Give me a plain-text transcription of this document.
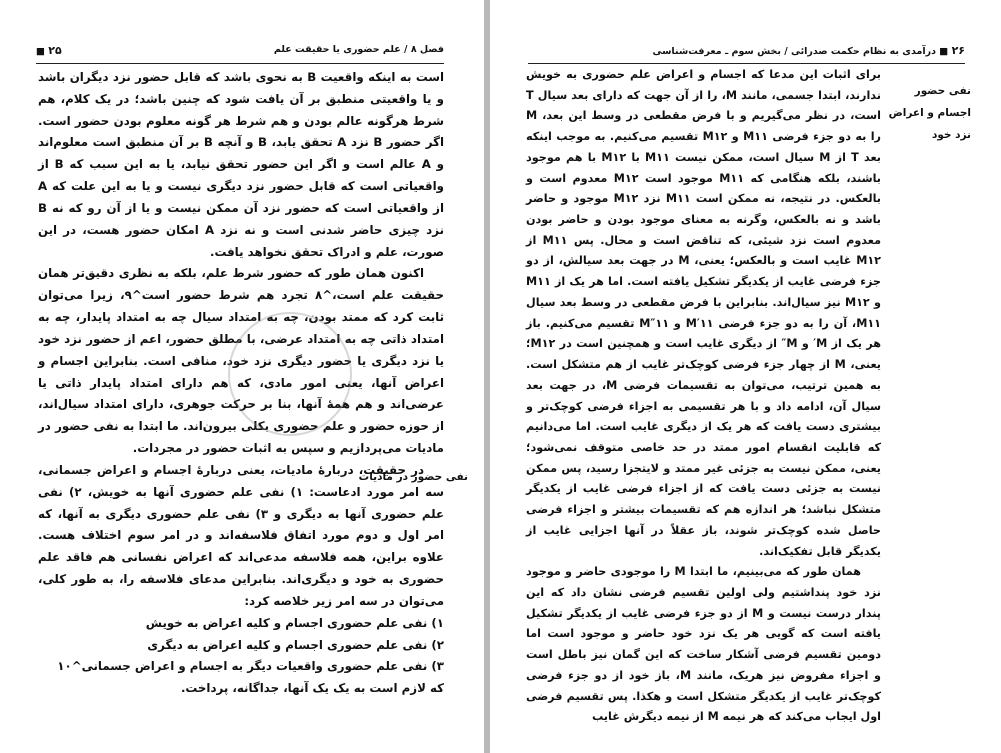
۲۵ ■	فصل ۸ / علم حضوری یا حقیقت علم

است به اینکه واقعیت B به نحوی باشد که قابل حضور نزد دیگران باشد و یا واقعیتی منطبق بر آن یافت شود که چنین باشد؛ در یک کلام، هم شرط هرگونه عالم بودن و هم شرط هر گونه معلوم بودن حضور است. اگر حضور B نزد A تحقق یابد، B و آنچه B بر آن منطبق است معلوم‌اند و A عالم است و اگر این حضور تحقق نیابد، یا به این سبب که B از واقعیاتی است که قابل حضور نزد دیگری نیست و یا به این علت که A از واقعیاتی است که حضور نزد آن ممکن نیست و یا از آن رو که نه B نزد چیزی حاضر شدنی است و نه نزد A امکان حضور هست، در این صورت، علم و ادراک تحقق نخواهد یافت.

اکنون همان طور که حضور شرط علم، بلکه به نظری دقیق‌تر همان حقیقت علم است،^۸ تجرد هم شرط حضور است^۹، زیرا می‌توان ثابت کرد که ممتد بودن، چه به امتداد سیال چه به امتداد پایدار، چه به امتداد ذاتی چه به امتداد عرضی، با مطلق حضور، اعم از حضور نزد خود یا نزد دیگری یا حضور دیگری نزد خود، منافی است. بنابراین اجسام و اعراض آنها، یعنی امور مادی، که هم دارای امتداد پایدار ذاتی یا عرضی‌اند و هم همهٔ آنها، بنا بر حرکت جوهری، دارای امتداد سیال‌اند، از حوزه حضور و علم حضوری بکلی بیرون‌اند. ما ابتدا به نفی حضور در مادیات می‌پردازیم و سپس به اثبات حضور در مجردات.

در حقیقت، دربارهٔ مادیات، یعنی دربارهٔ اجسام و اعراض جسمانی، سه امر مورد ادعاست: ۱) نفی علم حضوری آنها به خویش، ۲) نفی علم حضوری آنها به دیگری و ۳) نفی علم حضوری دیگری به آنها، که امر اول و دوم مورد اتفاق فلاسفه‌اند و در امر سوم اختلاف هست. علاوه براین، همه فلاسفه مدعی‌اند که اعراض نفسانی هم فاقد علم حضوری به خود و دیگری‌اند. بنابراین مدعای فلاسفه را، به طور کلی، می‌توان در سه امر زیر خلاصه کرد:

۱) نفی علم حضوری اجسام و کلیه اعراض به خویش

۲) نفی علم حضوری اجسام و کلیه اعراض به دیگری

۳) نفی علم حضوری واقعیات دیگر به اجسام و اعراض جسمانی^۱۰

که لازم است به یک یک آنها، جداگانه، پرداخت.

۲۶ ■ درآمدی به نظام حکمت صدرائی / بخش سوم ـ معرفت‌شناسی
نفی حضور اجسام و اعراض نزد خود

برای اثبات این مدعا که اجسام و اعراض علم حضوری به خویش ندارند، ابتدا جسمی، مانند M، را از آن جهت که دارای بعد سیال T است، در نظر می‌گیریم و با فرض مقطعی در وسط این بعد، M را به دو جزء فرضی M۱۱ و M۱۲ تقسیم می‌کنیم. به موجب اینکه بعد T از M سیال است، ممکن نیست M۱۱ با M۱۲ با هم موجود باشند، بلکه هنگامی که M۱۱ موجود است M۱۲ معدوم است و بالعکس. در نتیجه، نه ممکن است M۱۱ نزد M۱۲ موجود و حاضر باشد و نه بالعکس، وگرنه به معنای موجود بودن و حاضر بودن معدوم است نزد شیئی، که تناقض است و محال. پس M۱۱ از M۱۲ غایب است و بالعکس؛ یعنی، M در جهت بعد سیالش، از دو جزء فرضی غایب از یکدیگر تشکیل یافته است. اما هر یک از M۱۱ و M۱۲ نیز سیال‌اند. بنابراین با فرض مقطعی در وسط بعد سیال M۱۱، آن را به دو جزء فرضی M′۱۱ و M″۱۱ تقسیم می‌کنیم. باز هر یک از M′ و M″ از دیگری غایب است و همچنین است در M۱۲؛ یعنی، M از چهار جزء فرضی کوچک‌تر غایب از هم متشکل است. به همین ترتیب، می‌توان به تقسیمات فرضی M، در جهت بعد سیال آن، ادامه داد و با هر تقسیمی به اجزاء فرضی کوچک‌تر و بیشتری دست یافت که هر یک از دیگری غایب است. اما می‌دانیم که قابلیت انقسام امور ممتد در حد خاصی متوقف نمی‌شود؛ یعنی، ممکن نیست به جزئی غیر ممتد و لایتجزا رسید، پس ممکن نیست به جزئی دست یافت که از اجزاء فرضی غایب از یکدیگر متشکل نباشد؛ هر اندازه هم که تقسیمات بیشتر و اجزاء فرضی حاصل شده کوچک‌تر شوند، باز عقلاً در آنها اجزایی غایب از یکدیگر قابل تفکیک‌اند.

همان طور که می‌بینیم، ما ابتدا M را موجودی حاضر و موجود نزد خود پنداشتیم ولی اولین تقسیم فرضی نشان داد که این پندار درست نیست و M از دو جزء فرضی غایب از یکدیگر تشکیل یافته است که گویی هر یک نزد خود حاضر و موجود است اما دومین تقسیم فرضی آشکار ساخت که این گمان نیز باطل است و اجزاء مفروض نیز هریک، مانند M، باز خود از دو جزء فرضی کوچک‌تر غایب از یکدیگر متشکل است و هکذا. پس تقسیم فرضی اول ایجاب می‌کند که هر نیمه M از نیمه دیگرش غایب

نفی حضور در مادیات
